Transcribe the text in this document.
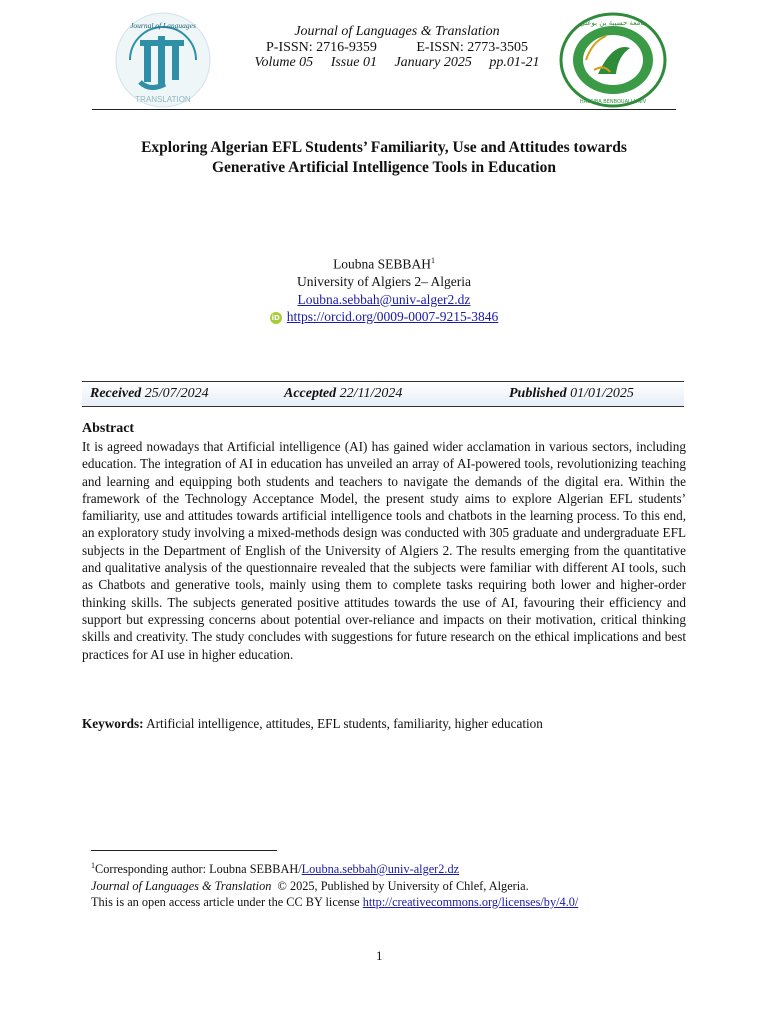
Journal of Languages
TRANSLATION
Journal of Languages & Translation
P-ISSN: 2716-9359	E-ISSN: 2773-3505
Volume 05 Issue 01 January 2025 pp.01-21
جامعة حسيبة بن بوعلي
HASSIBA BENBOUALI UNIV
Exploring Algerian EFL Students’ Familiarity, Use and Attitudes towards
Generative Artificial Intelligence Tools in Education
Loubna SEBBAH$^1$
University of Algiers 2– Algeria
Loubna.sebbah@univ-alger2.dz
iD https://orcid.org/0009-0007-9215-3846
Received 25/07/2024	Accepted 22/11/2024	Published 01/01/2025
Abstract
It is agreed nowadays that Artificial intelligence (AI) has gained wider acclamation in various sectors, including education. The integration of AI in education has unveiled an array of AI-powered tools, revolutionizing teaching and learning and equipping both students and teachers to navigate the demands of the digital era. Within the framework of the Technology Acceptance Model, the present study aims to explore Algerian EFL students’ familiarity, use and attitudes towards artificial intelligence tools and chatbots in the learning process. To this end, an exploratory study involving a mixed-methods design was conducted with 305 graduate and undergraduate EFL subjects in the Department of English of the University of Algiers 2. The results emerging from the quantitative and qualitative analysis of the questionnaire revealed that the subjects were familiar with different AI tools, such as Chatbots and generative tools, mainly using them to complete tasks requiring both lower and higher-order thinking skills. The subjects generated positive attitudes towards the use of AI, favouring their efficiency and support but expressing concerns about potential over-reliance and impacts on their motivation, critical thinking skills and creativity. The study concludes with suggestions for future research on the ethical implications and best practices for AI use in higher education.
Keywords: Artificial intelligence, attitudes, EFL students, familiarity, higher education
$^1$Corresponding author: Loubna SEBBAH/Loubna.sebbah@univ-alger2.dz
Journal of Languages & Translation  © 2025, Published by University of Chlef, Algeria.
This is an open access article under the CC BY license http://creativecommons.org/licenses/by/4.0/
1
